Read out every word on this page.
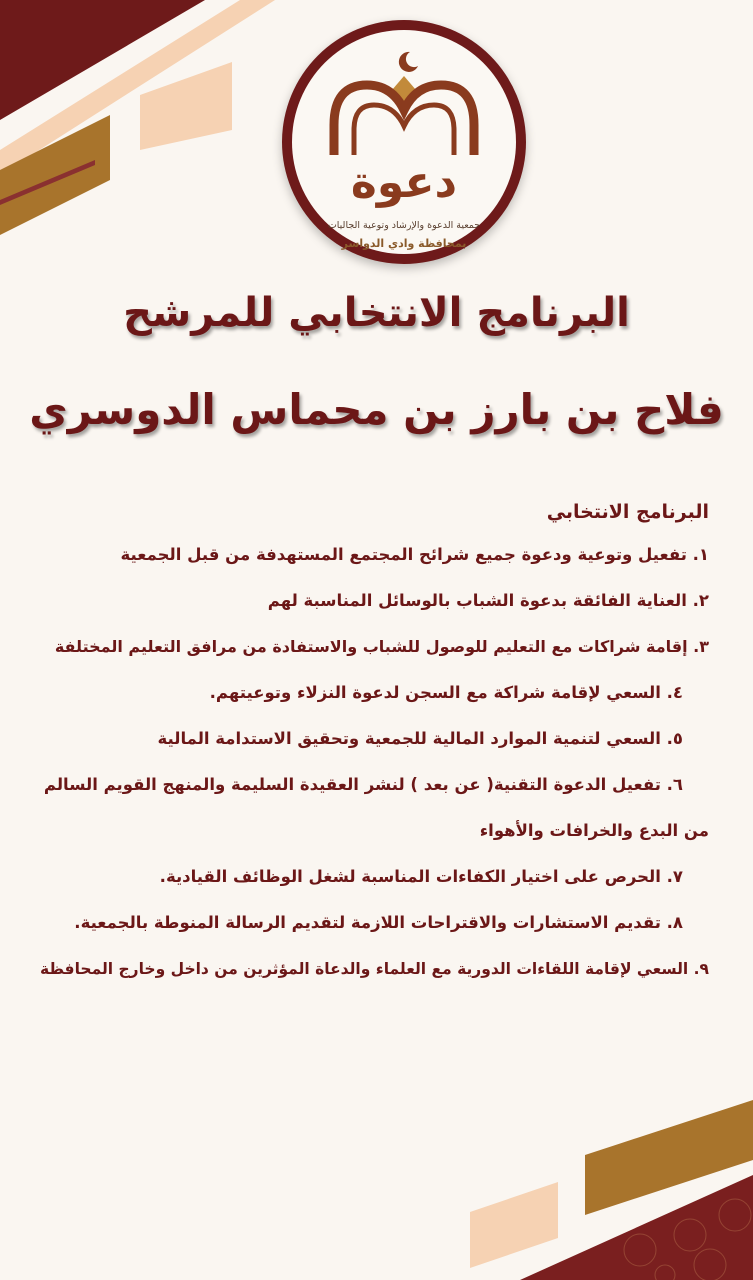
دعوة
جمعية الدعوة والإرشاد وتوعية الجاليات
بمحافظة وادي الدواسر
البرنامج الانتخابي للمرشح
فلاح بن بارز بن محماس الدوسري
البرنامج الانتخابي
١. تفعيل وتوعية ودعوة جميع شرائح المجتمع المستهدفة من قبل الجمعية
٢. العناية الفائقة بدعوة الشباب بالوسائل المناسبة لهم
٣. إقامة شراكات مع التعليم للوصول للشباب والاستفادة من مرافق التعليم المختلفة
٤. السعي لإقامة شراكة مع السجن لدعوة النزلاء وتوعيتهم.
٥. السعي لتنمية الموارد المالية للجمعية وتحقيق الاستدامة المالية
٦. تفعيل الدعوة التقنية( عن بعد ) لنشر العقيدة السليمة والمنهج القويم السالم من البدع والخرافات والأهواء
٧. الحرص على اختيار الكفاءات المناسبة لشغل الوظائف القيادية.
٨. تقديم الاستشارات والاقتراحات اللازمة لتقديم الرسالة المنوطة بالجمعية.
٩. السعي لإقامة اللقاءات الدورية مع العلماء والدعاة المؤثرين من داخل وخارج المحافظة
